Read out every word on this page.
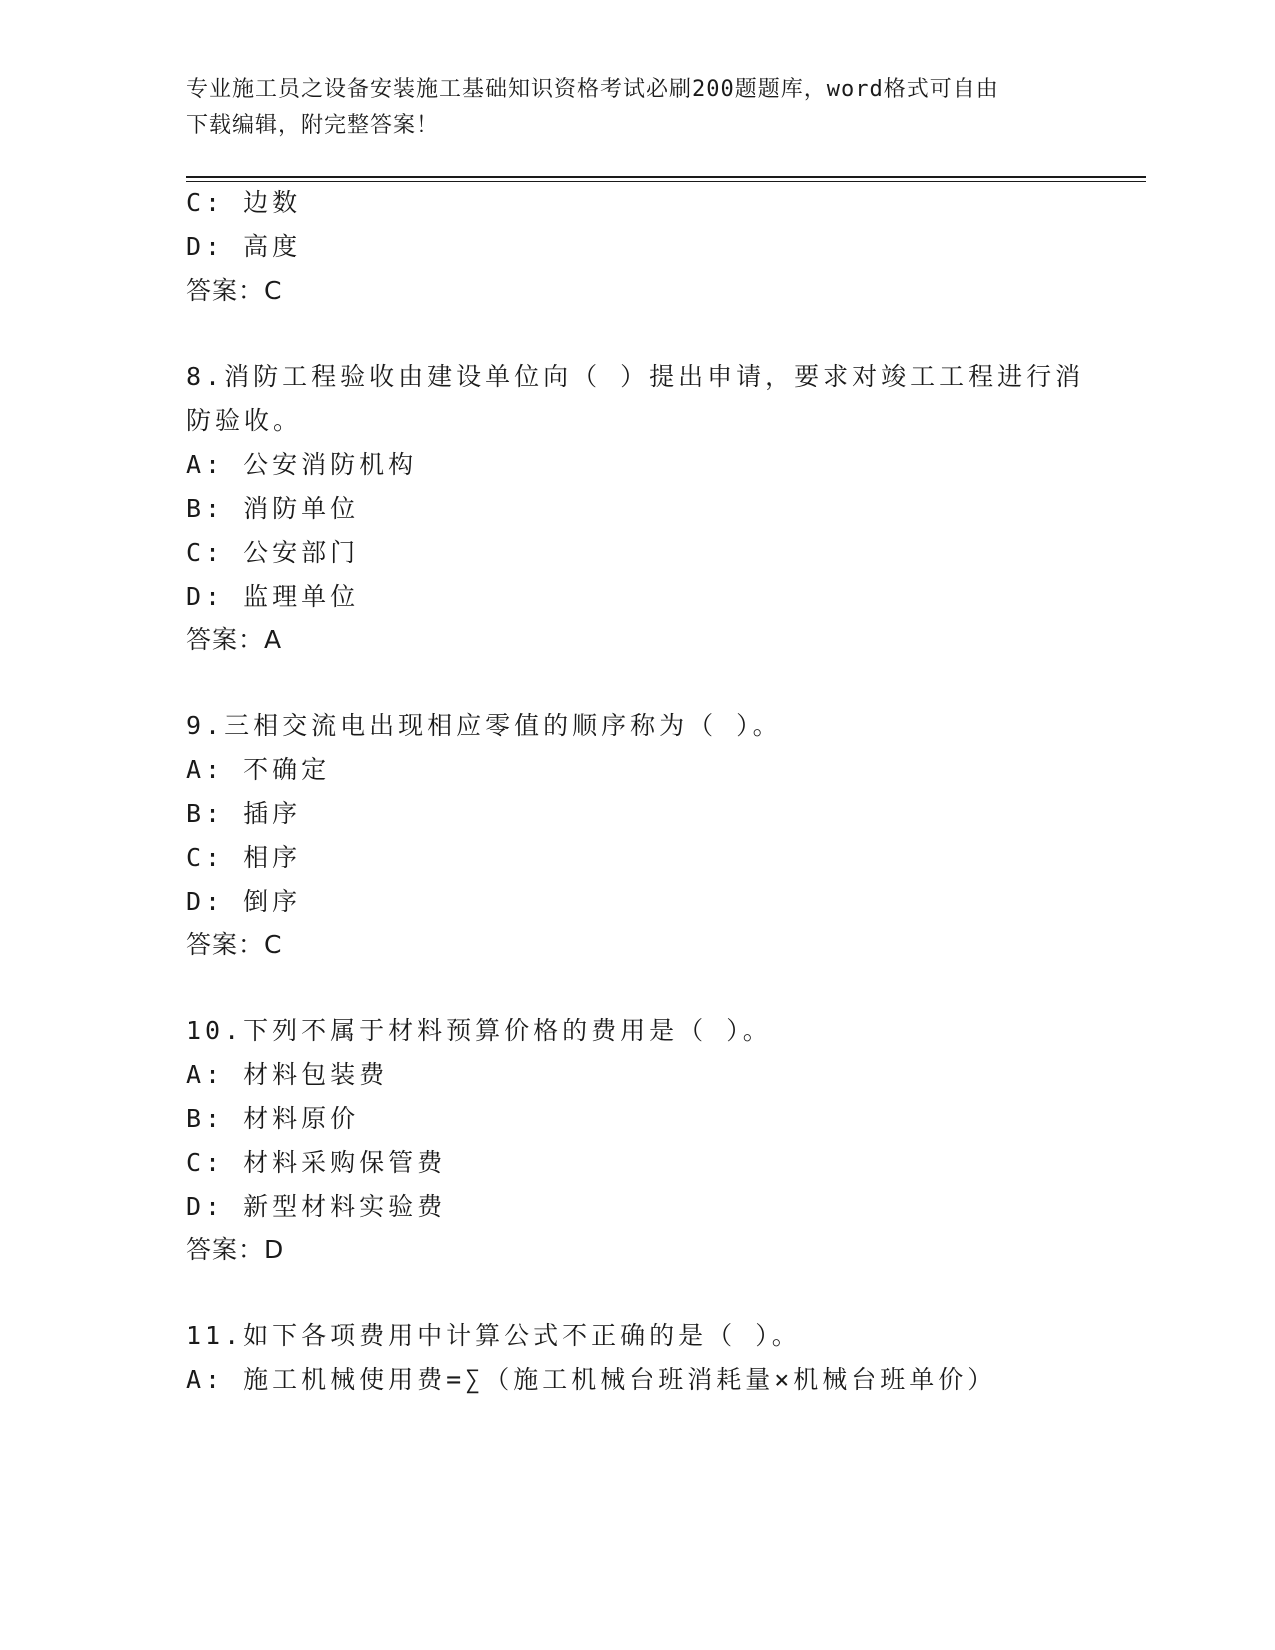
专业施工员之设备安装施工基础知识资格考试必刷200题题库，word格式可自由
下载编辑，附完整答案！
C: 边数
D: 高度
答案：C
8.消防工程验收由建设单位向（ ）提出申请，要求对竣工工程进行消
防验收。
A: 公安消防机构
B: 消防单位
C: 公安部门
D: 监理单位
答案：A
9.三相交流电出现相应零值的顺序称为（ ）。
A: 不确定
B: 插序
C: 相序
D: 倒序
答案：C
10.下列不属于材料预算价格的费用是（ ）。
A: 材料包装费
B: 材料原价
C: 材料采购保管费
D: 新型材料实验费
答案：D
11.如下各项费用中计算公式不正确的是（ ）。
A: 施工机械使用费=∑（施工机械台班消耗量×机械台班单价）
